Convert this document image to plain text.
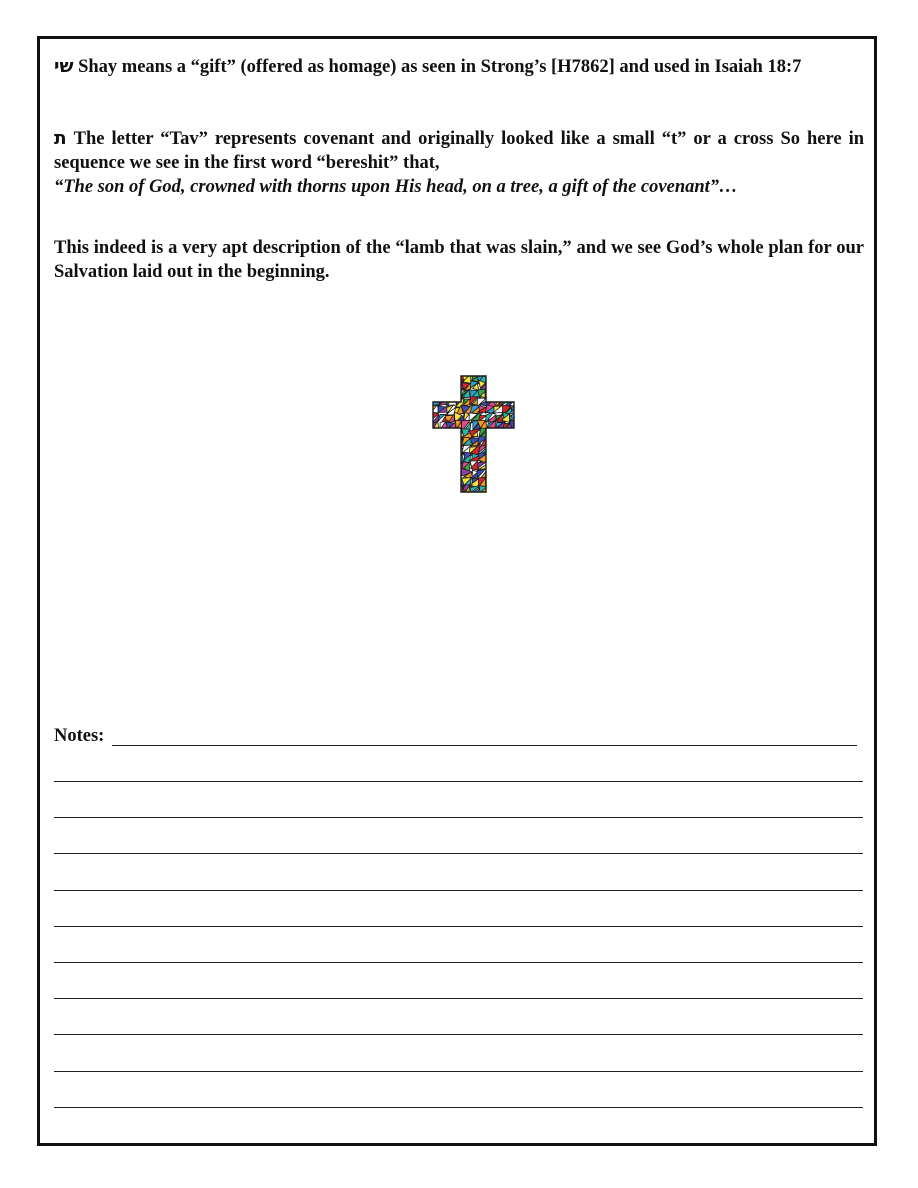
שי Shay means a “gift” (offered as homage) as seen in Strong’s [H7862] and used in Isaiah 18:7

ת The letter “Tav” represents covenant and originally looked like a small “t” or a cross So here in sequence we see in the first word “bereshit” that,
“The son of God, crowned with thorns upon His head, on a tree, a gift of the covenant”…

This indeed is a very apt description of the “lamb that was slain,” and we see God’s whole plan for our Salvation laid out in the beginning.

Notes:
